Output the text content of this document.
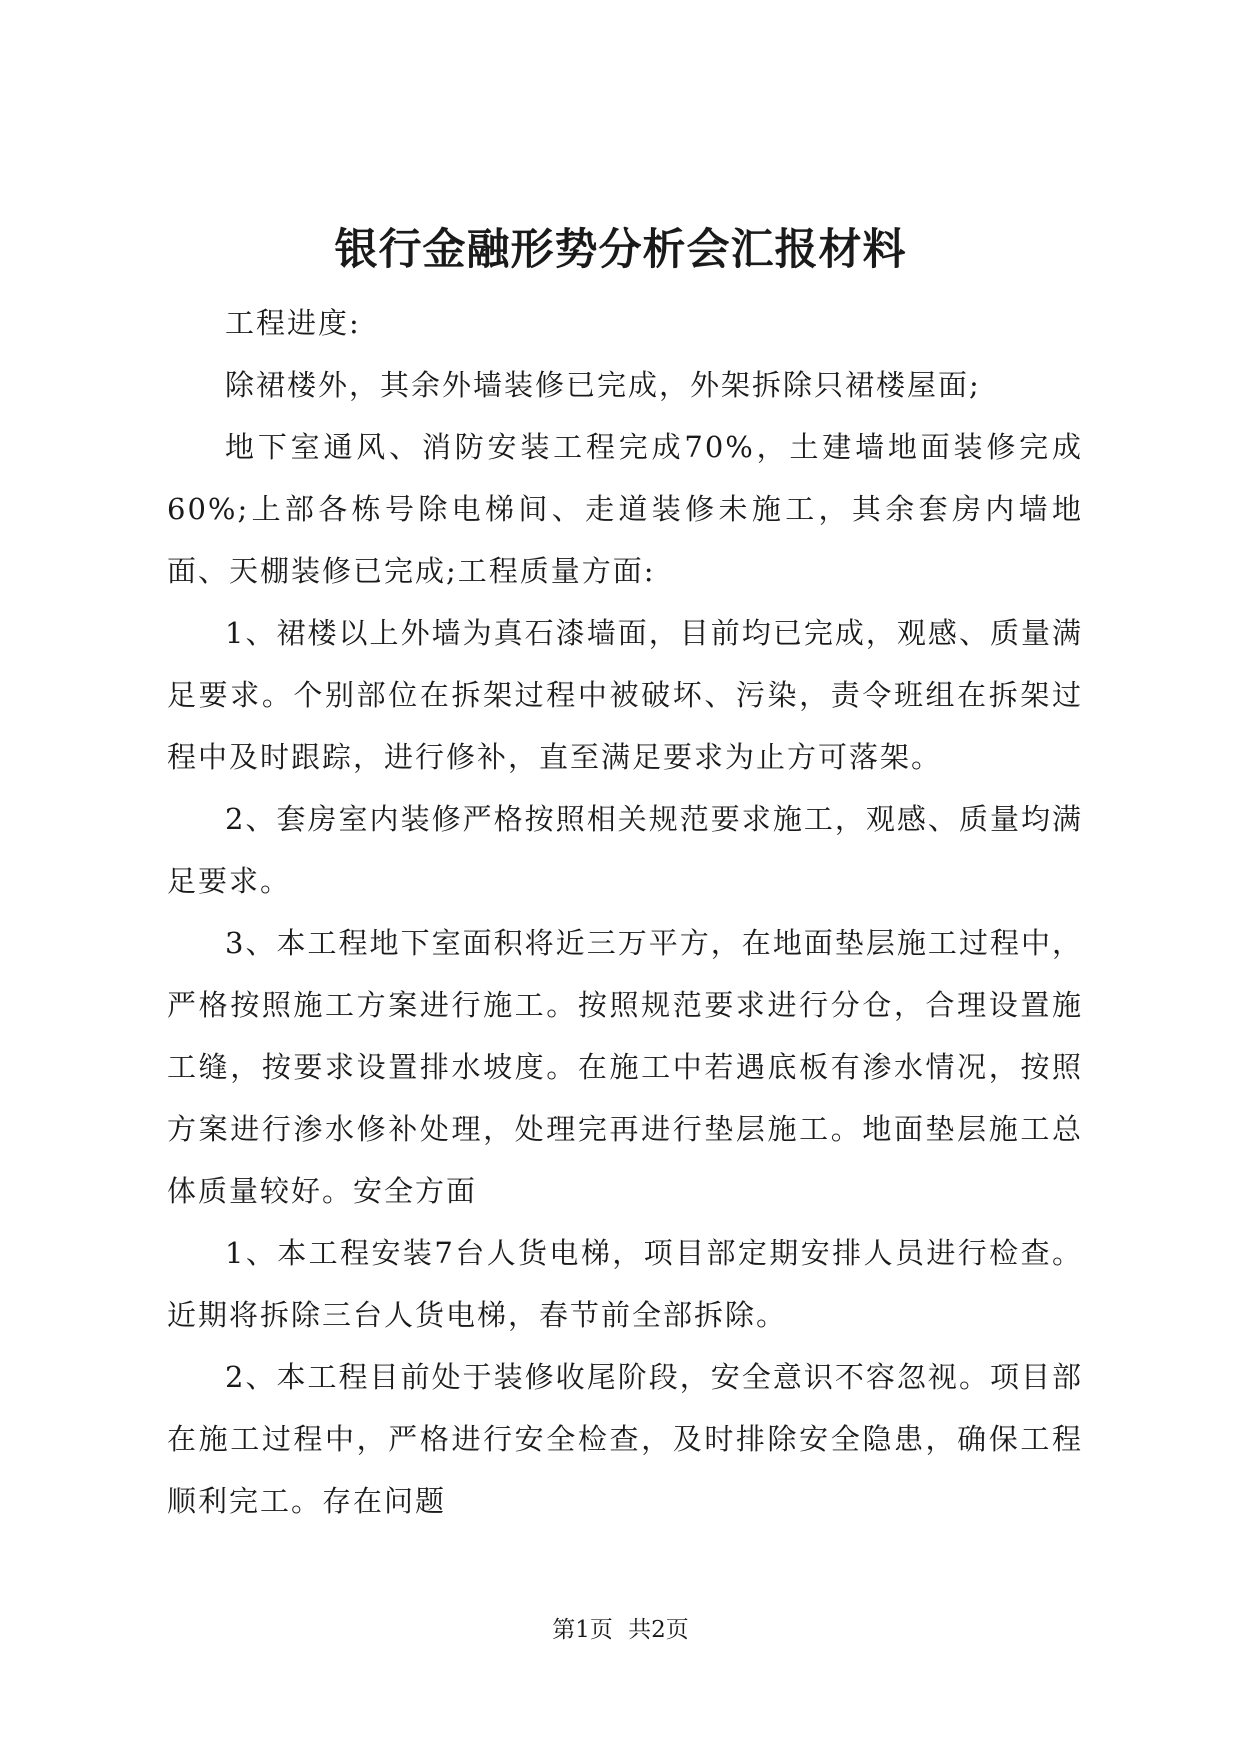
银行金融形势分析会汇报材料

工程进度:

除裙楼外，其余外墙装修已完成，外架拆除只裙楼屋面;

地下室通风、消防安装工程完成70%，土建墙地面装修完成60%;上部各栋号除电梯间、走道装修未施工，其余套房内墙地面、天棚装修已完成;工程质量方面:

1、裙楼以上外墙为真石漆墙面，目前均已完成，观感、质量满足要求。个别部位在拆架过程中被破坏、污染，责令班组在拆架过程中及时跟踪，进行修补，直至满足要求为止方可落架。

2、套房室内装修严格按照相关规范要求施工，观感、质量均满足要求。

3、本工程地下室面积将近三万平方，在地面垫层施工过程中，严格按照施工方案进行施工。按照规范要求进行分仓，合理设置施工缝，按要求设置排水坡度。在施工中若遇底板有渗水情况，按照方案进行渗水修补处理，处理完再进行垫层施工。地面垫层施工总体质量较好。安全方面

1、本工程安装7台人货电梯，项目部定期安排人员进行检查。近期将拆除三台人货电梯，春节前全部拆除。

2、本工程目前处于装修收尾阶段，安全意识不容忽视。项目部在施工过程中，严格进行安全检查，及时排除安全隐患，确保工程顺利完工。存在问题

第1页 共2页
